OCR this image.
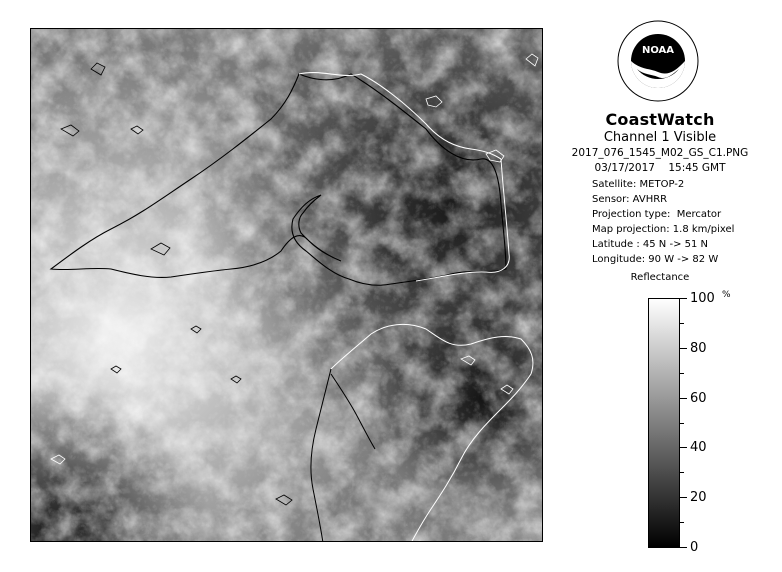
NOAA
CoastWatch
Channel 1 Visible
2017_076_1545_M02_GS_C1.PNG
03/17/2017 15:45 GMT
Satellite: METOP-2
Sensor: AVHRR
Projection type: Mercator
Map projection: 1.8 km/pixel
Latitude : 45 N -> 51 N
Longitude: 90 W -> 82 W
Reflectance
%
100
80
60
40
20
0
